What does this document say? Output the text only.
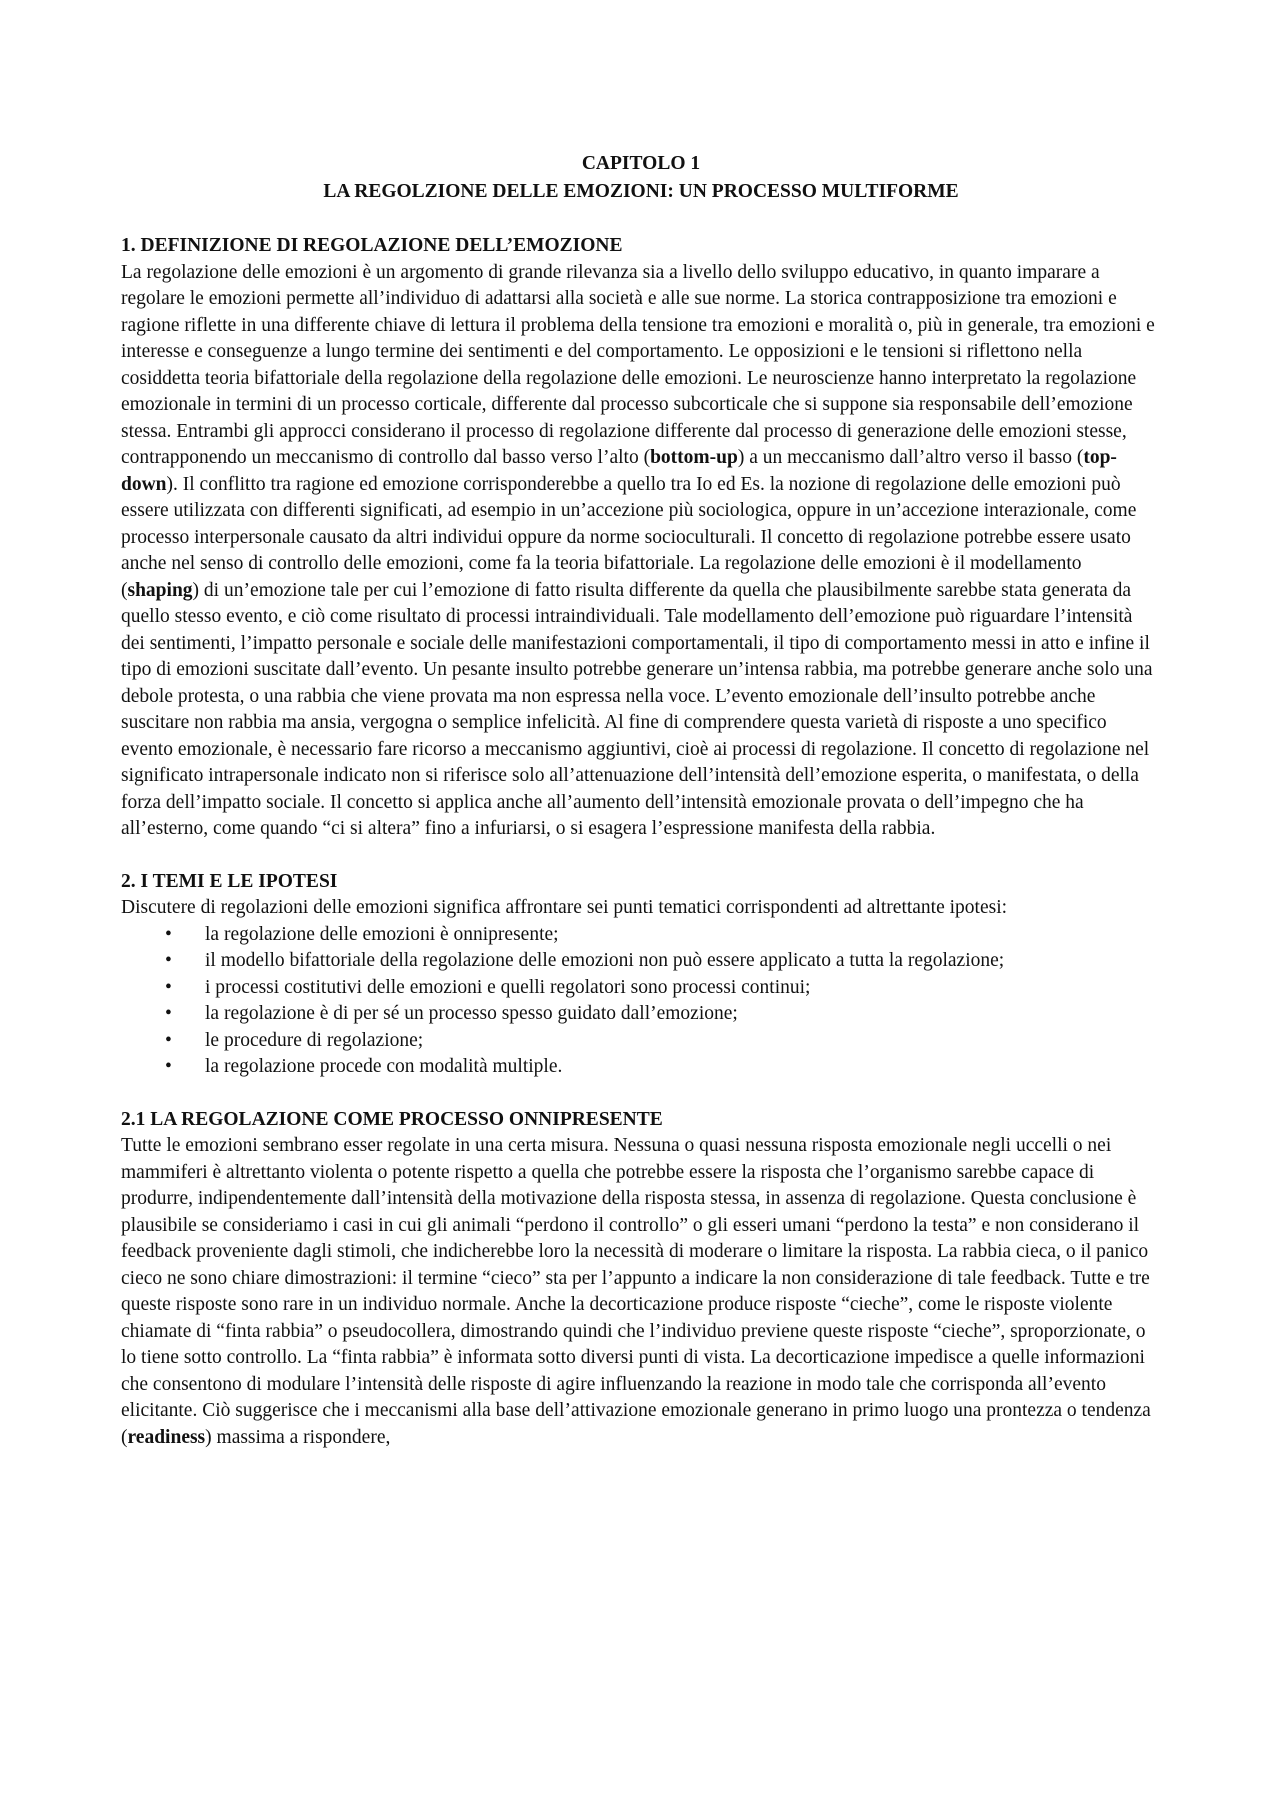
CAPITOLO 1
LA REGOLZIONE DELLE EMOZIONI: UN PROCESSO MULTIFORME
1. DEFINIZIONE DI REGOLAZIONE DELL’EMOZIONE

La regolazione delle emozioni è un argomento di grande rilevanza sia a livello dello sviluppo educativo, in quanto imparare a regolare le emozioni permette all’individuo di adattarsi alla società e alle sue norme. La storica contrapposizione tra emozioni e ragione riflette in una differente chiave di lettura il problema della tensione tra emozioni e moralità o, più in generale, tra emozioni e interesse e conseguenze a lungo termine dei sentimenti e del comportamento. Le opposizioni e le tensioni si riflettono nella cosiddetta teoria bifattoriale della regolazione della regolazione delle emozioni. Le neuroscienze hanno interpretato la regolazione emozionale in termini di un processo corticale, differente dal processo subcorticale che si suppone sia responsabile dell’emozione stessa. Entrambi gli approcci considerano il processo di regolazione differente dal processo di generazione delle emozioni stesse, contrapponendo un meccanismo di controllo dal basso verso l’alto (bottom-up) a un meccanismo dall’altro verso il basso (top-down). Il conflitto tra ragione ed emozione corrisponderebbe a quello tra Io ed Es. la nozione di regolazione delle emozioni può essere utilizzata con differenti significati, ad esempio in un’accezione più sociologica, oppure in un’accezione interazionale, come processo interpersonale causato da altri individui oppure da norme socioculturali. Il concetto di regolazione potrebbe essere usato anche nel senso di controllo delle emozioni, come fa la teoria bifattoriale. La regolazione delle emozioni è il modellamento (shaping) di un’emozione tale per cui l’emozione di fatto risulta differente da quella che plausibilmente sarebbe stata generata da quello stesso evento, e ciò come risultato di processi intraindividuali. Tale modellamento dell’emozione può riguardare l’intensità dei sentimenti, l’impatto personale e sociale delle manifestazioni comportamentali, il tipo di comportamento messi in atto e infine il tipo di emozioni suscitate dall’evento. Un pesante insulto potrebbe generare un’intensa rabbia, ma potrebbe generare anche solo una debole protesta, o una rabbia che viene provata ma non espressa nella voce. L’evento emozionale dell’insulto potrebbe anche suscitare non rabbia ma ansia, vergogna o semplice infelicità. Al fine di comprendere questa varietà di risposte a uno specifico evento emozionale, è necessario fare ricorso a meccanismo aggiuntivi, cioè ai processi di regolazione. Il concetto di regolazione nel significato intrapersonale indicato non si riferisce solo all’attenuazione dell’intensità dell’emozione esperita, o manifestata, o della forza dell’impatto sociale. Il concetto si applica anche all’aumento dell’intensità emozionale provata o dell’impegno che ha all’esterno, come quando “ci si altera” fino a infuriarsi, o si esagera l’espressione manifesta della rabbia.

2. I TEMI E LE IPOTESI

Discutere di regolazioni delle emozioni significa affrontare sei punti tematici corrispondenti ad altrettante ipotesi:

• la regolazione delle emozioni è onnipresente;
• il modello bifattoriale della regolazione delle emozioni non può essere applicato a tutta la regolazione;
• i processi costitutivi delle emozioni e quelli regolatori sono processi continui;
• la regolazione è di per sé un processo spesso guidato dall’emozione;
• le procedure di regolazione;
• la regolazione procede con modalità multiple.
2.1 LA REGOLAZIONE COME PROCESSO ONNIPRESENTE

Tutte le emozioni sembrano esser regolate in una certa misura. Nessuna o quasi nessuna risposta emozionale negli uccelli o nei mammiferi è altrettanto violenta o potente rispetto a quella che potrebbe essere la risposta che l’organismo sarebbe capace di produrre, indipendentemente dall’intensità della motivazione della risposta stessa, in assenza di regolazione. Questa conclusione è plausibile se consideriamo i casi in cui gli animali “perdono il controllo” o gli esseri umani “perdono la testa” e non considerano il feedback proveniente dagli stimoli, che indicherebbe loro la necessità di moderare o limitare la risposta. La rabbia cieca, o il panico cieco ne sono chiare dimostrazioni: il termine “cieco” sta per l’appunto a indicare la non considerazione di tale feedback. Tutte e tre queste risposte sono rare in un individuo normale. Anche la decorticazione produce risposte “cieche”, come le risposte violente chiamate di “finta rabbia” o pseudocollera, dimostrando quindi che l’individuo previene queste risposte “cieche”, sproporzionate, o lo tiene sotto controllo. La “finta rabbia” è informata sotto diversi punti di vista. La decorticazione impedisce a quelle informazioni che consentono di modulare l’intensità delle risposte di agire influenzando la reazione in modo tale che corrisponda all’evento elicitante. Ciò suggerisce che i meccanismi alla base dell’attivazione emozionale generano in primo luogo una prontezza o tendenza (readiness) massima a rispondere,
